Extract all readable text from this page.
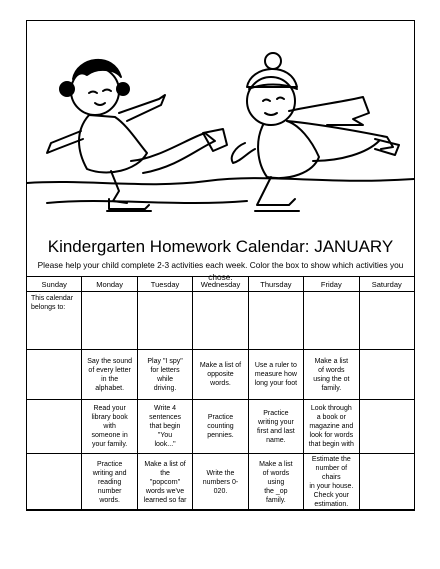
Kindergarten Homework Calendar: JANUARY
Please help your child complete 2-3 activities each week. Color the box to show which activities you chose.
Sunday	Monday	Tuesday	Wednesday	Thursday	Friday	Saturday

This calendar
belongs to:						

	Say the sound
of every letter
in the
alphabet.	Play "I spy"
for letters
while
driving.	Make a list of
opposite
words.	Use a ruler to
measure how
long your foot	Make a list
of words
using the ot
family.	

	Read your
library book
with
someone in
your family.	Write 4
sentences
that begin
"You
look..."	Practice
counting
pennies.	Practice
writing your
first and last
name.	Look through
a book or
magazine and
look for words
that begin with	

	Practice
writing and
reading
number
words.	Make a list of
the
"popcorn"
words we've
learned so far	Write the
numbers 0-
020.	Make a list
of words
using
the _op
family.	Estimate the
number of chairs
in your house.
Check your
estimation.	
